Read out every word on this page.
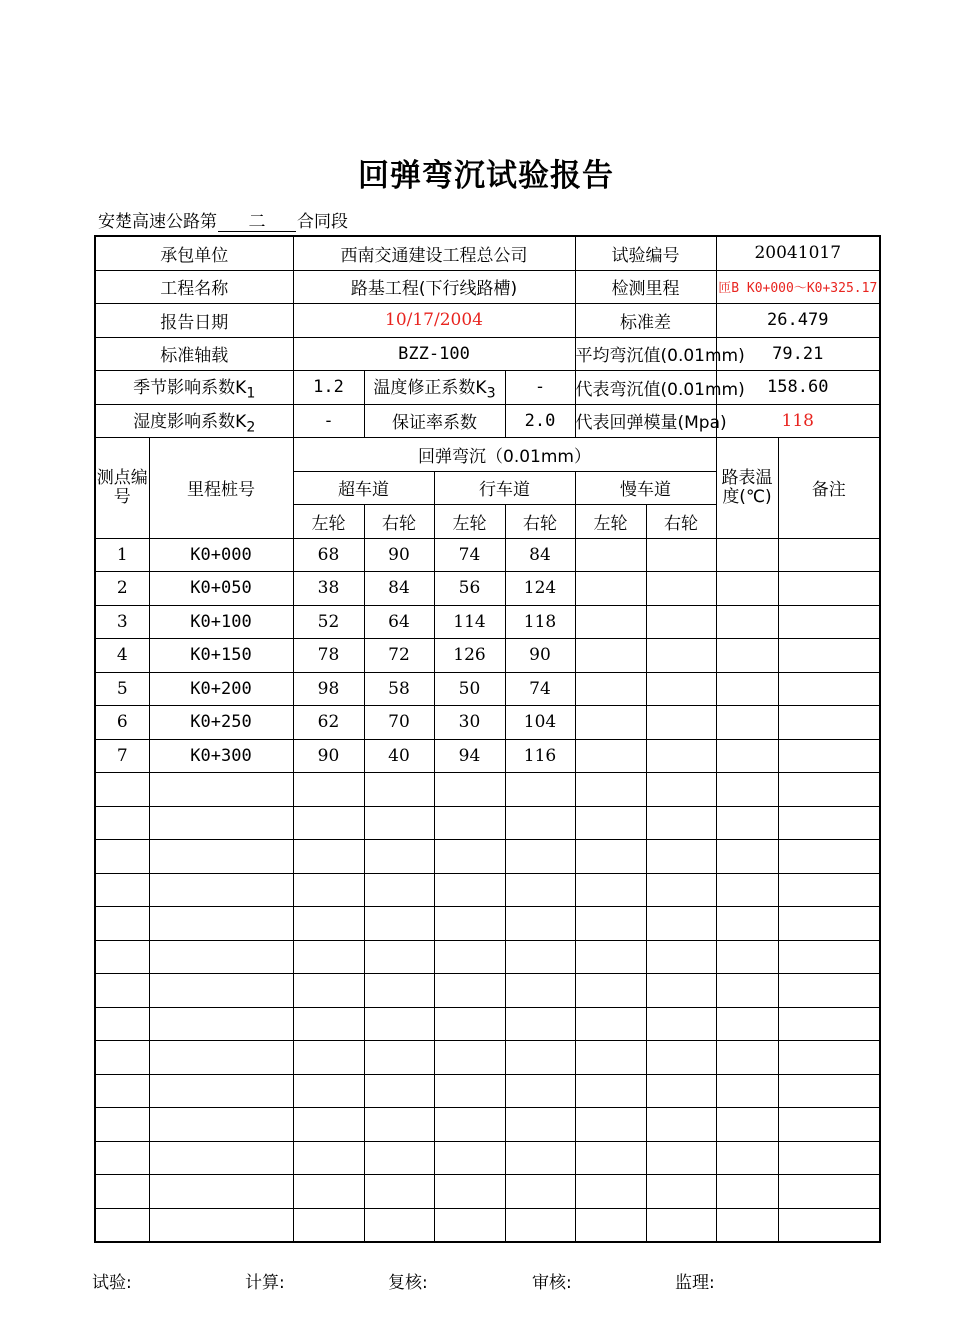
回弹弯沉试验报告
安楚高速公路第 二 合同段
承包单位		西南交通建设工程总公司				试验编号		20041017	
工程名称		路基工程(下行线路槽)				检测里程		匝B K0+000～K0+325.17	
报告日期		10/17/2004				标准差		26.479	
标准轴载		BZZ-100				平均弯沉值(0.01mm)		79.21	
季节影响系数$K_1$		1.2	温度修正系数$K_3$		-	代表弯沉值(0.01mm)		158.60	
湿度影响系数$K_2$		-	保证率系数		2.0	代表回弹模量(Mpa)		118	
测点编号	里程桩号	回弹弯沉（0.01mm）						路表温度(℃)	备注
		超车道		行车道		慢车道			
		左轮	右轮	左轮	右轮	左轮	右轮		
1	K0+000	68	90	74	84				
2	K0+050	38	84	56	124				
3	K0+100	52	64	114	118				
4	K0+150	78	72	126	90				
5	K0+200	98	58	50	74				
6	K0+250	62	70	30	104				
7	K0+300	90	40	94	116				

试验:	计算:	复核:	审核:	监理:
